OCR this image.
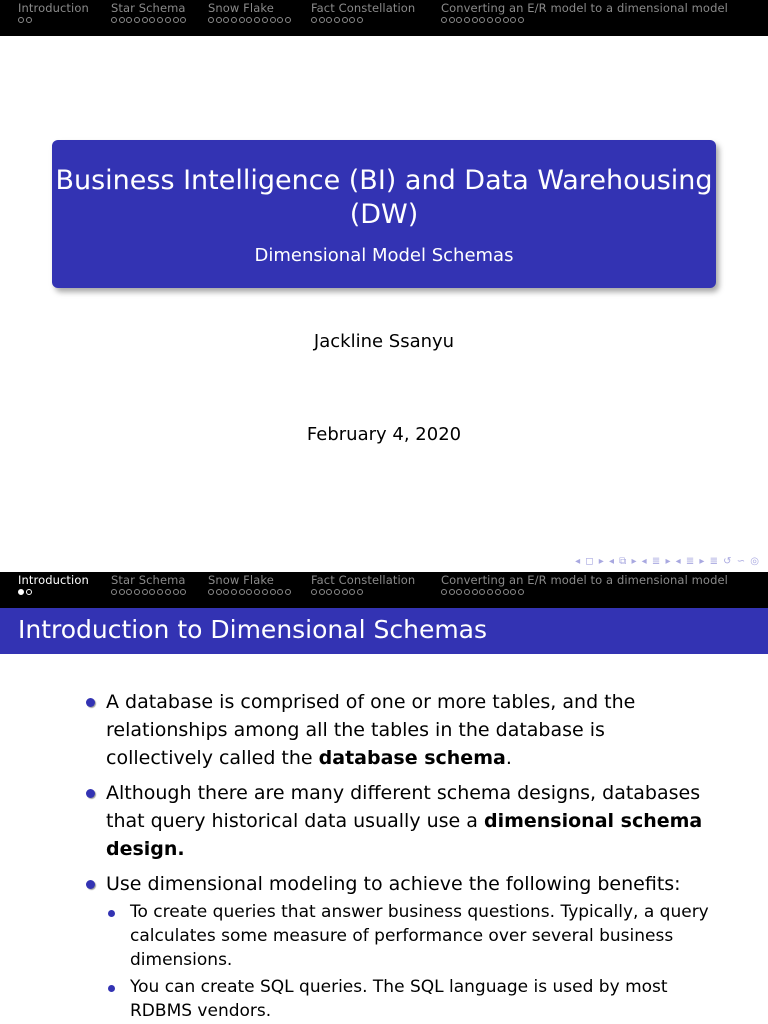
Introduction Star Schema Snow Flake	Fact Constellation Converting an E/R model to a dimensional model
Business Intelligence (BI) and Data Warehousing
(DW)
Dimensional Model Schemas
Jackline Ssanyu
February 4, 2020
◂ ◻ ▸ ◂ ⧉ ▸ ◂ ≣ ▸ ◂ ≣ ▸ ≣ ↺ ∽ ◎
Introduction Star Schema Snow Flake	Fact Constellation Converting an E/R model to a dimensional model
Introduction to Dimensional Schemas
A database is comprised of one or more tables, and the relationships among all the tables in the database is collectively called the database schema.
Although there are many different schema designs, databases that query historical data usually use a dimensional schema design.
Use dimensional modeling to achieve the following benefits:
To create queries that answer business questions. Typically, a query calculates some measure of performance over several business dimensions.
You can create SQL queries. The SQL language is used by most RDBMS vendors.
